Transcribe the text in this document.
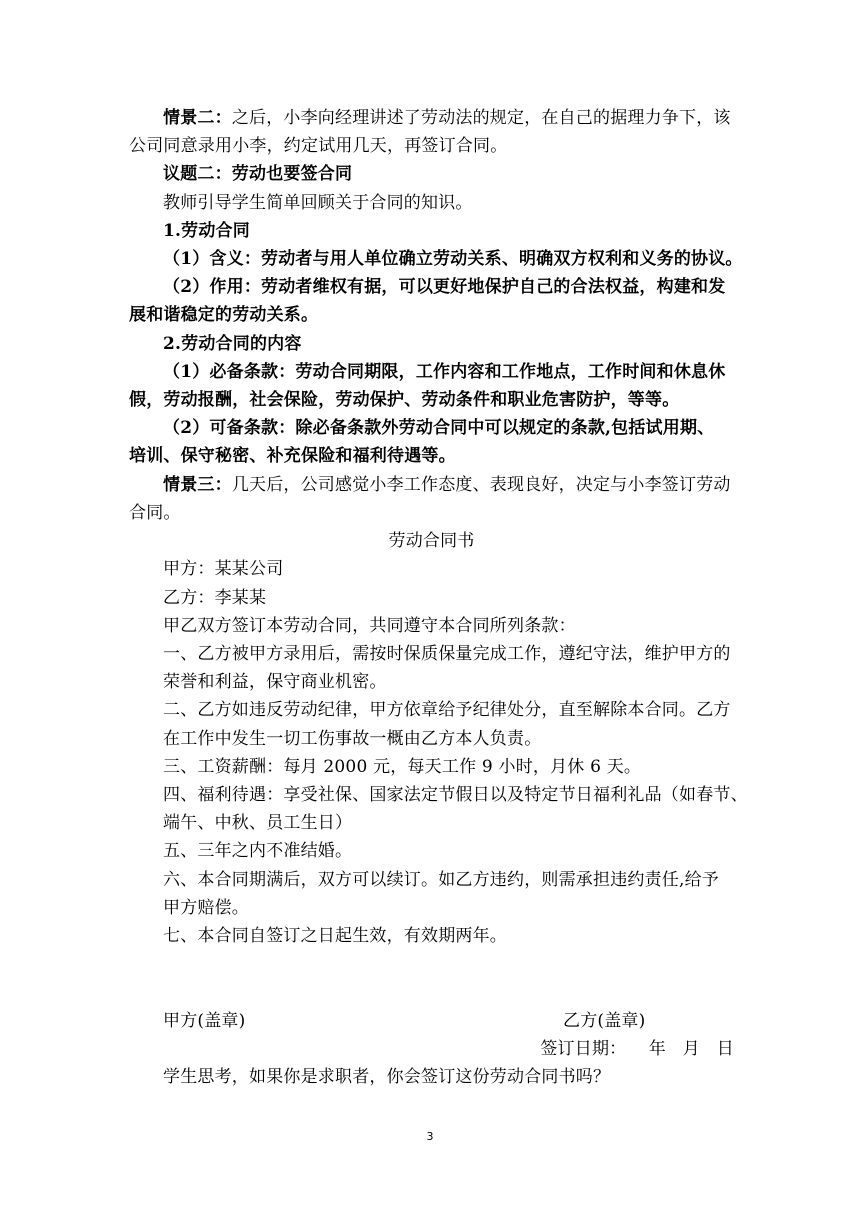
情景二：之后，小李向经理讲述了劳动法的规定，在自己的据理力争下，该
公司同意录用小李，约定试用几天，再签订合同。
议题二：劳动也要签合同
教师引导学生简单回顾关于合同的知识。
1.劳动合同
（1）含义：劳动者与用人单位确立劳动关系、明确双方权利和义务的协议。
（2）作用：劳动者维权有据，可以更好地保护自己的合法权益，构建和发
展和谐稳定的劳动关系。
2.劳动合同的内容
（1）必备条款：劳动合同期限，工作内容和工作地点，工作时间和休息休
假，劳动报酬，社会保险，劳动保护、劳动条件和职业危害防护，等等。
（2）可备条款：除必备条款外劳动合同中可以规定的条款,包括试用期、
培训、保守秘密、补充保险和福利待遇等。
情景三：几天后，公司感觉小李工作态度、表现良好，决定与小李签订劳动
合同。
劳动合同书
甲方：某某公司
乙方：李某某
甲乙双方签订本劳动合同，共同遵守本合同所列条款：
一、乙方被甲方录用后，需按时保质保量完成工作，遵纪守法，维护甲方的
荣誉和利益，保守商业机密。
二、乙方如违反劳动纪律，甲方依章给予纪律处分，直至解除本合同。乙方
在工作中发生一切工伤事故一概由乙方本人负责。
三、工资薪酬：每月 2000 元，每天工作 9 小时，月休 6 天。
四、福利待遇：享受社保、国家法定节假日以及特定节日福利礼品（如春节、
端午、中秋、员工生日）
五、三年之内不准结婚。
六、本合同期满后，双方可以续订。如乙方违约，则需承担违约责任,给予
甲方赔偿。
七、本合同自签订之日起生效，有效期两年。
甲方(盖章)	乙方(盖章)
签订日期：    年   月   日
学生思考，如果你是求职者，你会签订这份劳动合同书吗？
3
